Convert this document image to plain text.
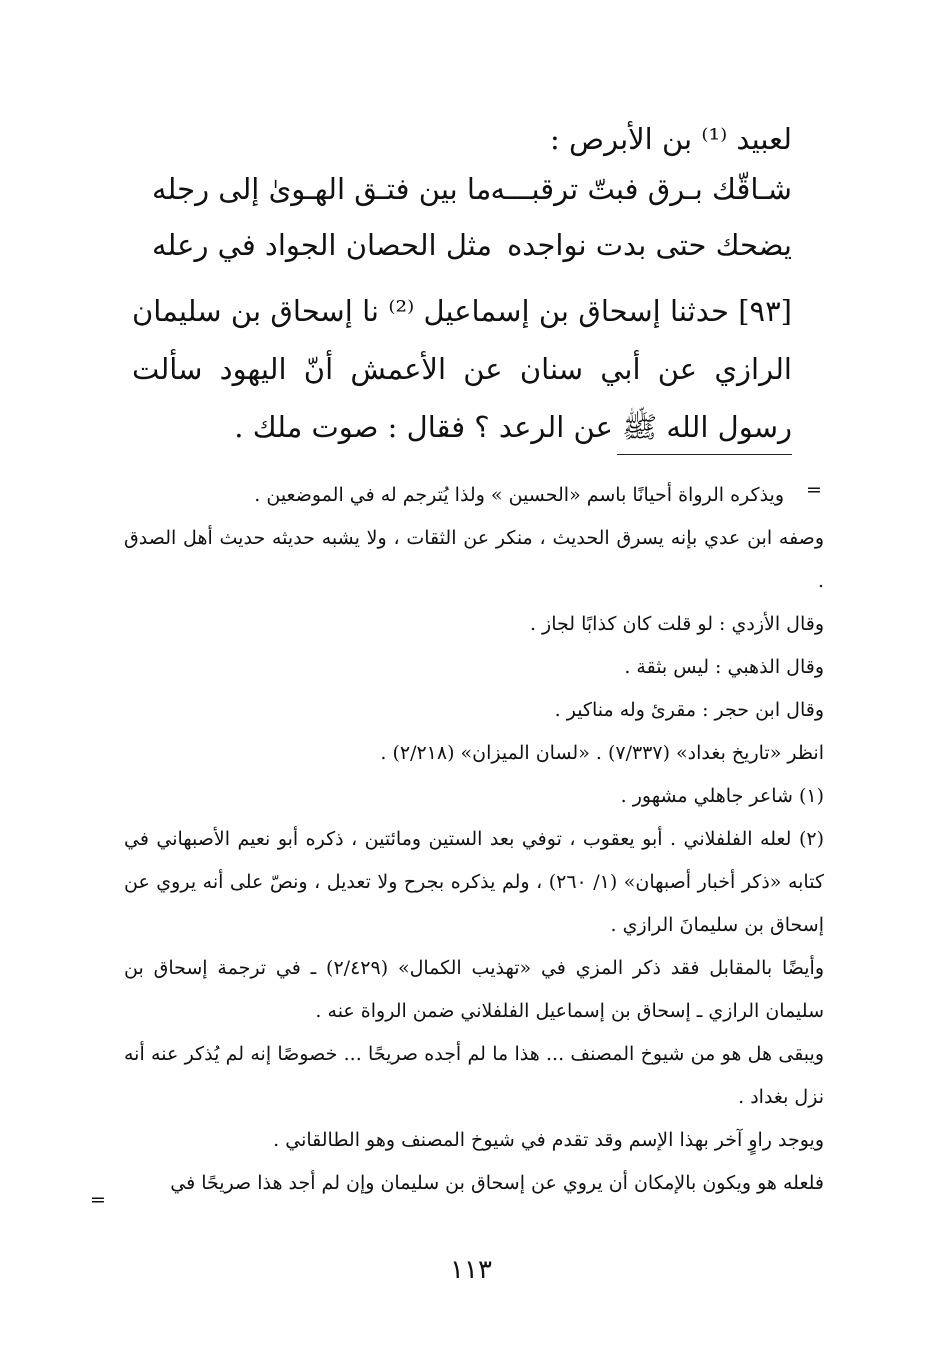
لعبيد ⁽¹⁾ بن الأبرص :
شـاقّك بـرق فبتّ ترقبـــه
ما بين فتـق الهـوىٰ إلى رجله
يضحك حتى بدت نواجده
مثل الحصان الجواد في رعله
[٩٣] حدثنا إسحاق بن إسماعيل ⁽²⁾ نا إسحاق بن سليمان الرازي عن أبي سنان عن الأعمش أنّ اليهود سألت رسول الله ﷺ عن الرعد ؟ فقال : صوت ملك .
=
ويذكره الرواة أحيانًا باسم «الحسين » ولذا يُترجم له في الموضعين .
وصفه ابن عدي بإنه يسرق الحديث ، منكر عن الثقات ، ولا يشبه حديثه حديث أهل الصدق .
وقال الأزدي : لو قلت كان كذابًا لجاز .
وقال الذهبي : ليس بثقة .
وقال ابن حجر : مقرئ وله مناكير .
انظر «تاريخ بغداد» (٧/٣٣٧) . «لسان الميزان» (٢/٢١٨) .
(١) شاعر جاهلي مشهور .
(٢) لعله الفلفلاني . أبو يعقوب ، توفي بعد الستين ومائتين ، ذكره أبو نعيم الأصبهاني في كتابه «ذكر أخبار أصبهان» (١/ ٢٦٠) ، ولم يذكره بجرح ولا تعديل ، ونصّ على أنه يروي عن إسحاق بن سليمانَ الرازي .
وأيضًا بالمقابل فقد ذكر المزي في «تهذيب الكمال» (٢/٤٢٩) ـ في ترجمة إسحاق بن سليمان الرازي ـ إسحاق بن إسماعيل الفلفلاني ضمن الرواة عنه .
ويبقى هل هو من شيوخ المصنف ... هذا ما لم أجده صريحًا ... خصوصًا إنه لم يُذكر عنه أنه نزل بغداد .
ويوجد راوٍ آخر بهذا الإسم وقد تقدم في شيوخ المصنف وهو الطالقاني .
فلعله هو ويكون بالإمكان أن يروي عن إسحاق بن سليمان وإن لم أجد هذا صريحًا في
=
١١٣
